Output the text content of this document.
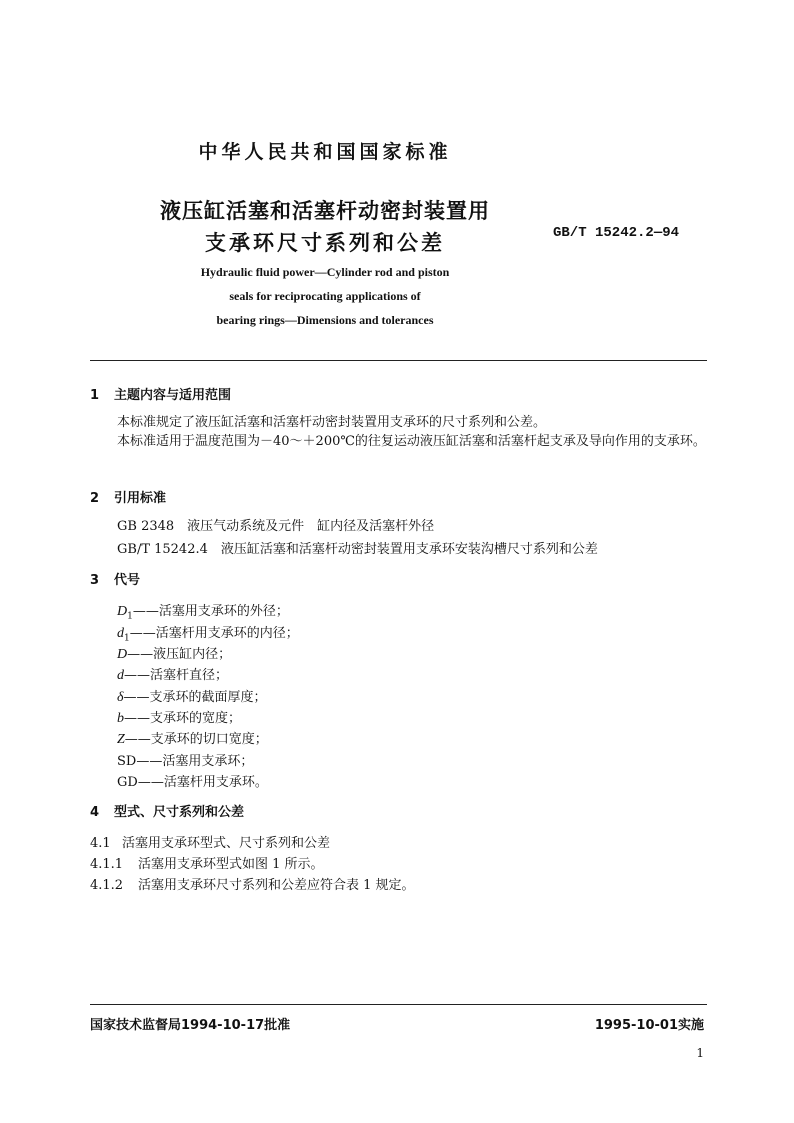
中华人民共和国国家标准
液压缸活塞和活塞杆动密封装置用
支承环尺寸系列和公差	GB/T 15242.2—94
Hydraulic fluid power—Cylinder rod and piston
seals for reciprocating applications of
bearing rings—Dimensions and tolerances
1 主题内容与适用范围
本标准规定了液压缸活塞和活塞杆动密封装置用支承环的尺寸系列和公差。
本标准适用于温度范围为－40～＋200℃的往复运动液压缸活塞和活塞杆起支承及导向作用的支承环。
2 引用标准
GB 2348　液压气动系统及元件　缸内径及活塞杆外径
GB/T 15242.4　液压缸活塞和活塞杆动密封装置用支承环安装沟槽尺寸系列和公差
3 代号
$D_1——$活塞用支承环的外径；
$d_1——$活塞杆用支承环的内径；
D——液压缸内径；
d——活塞杆直径；
δ——支承环的截面厚度；
b——支承环的宽度；
Z——支承环的切口宽度；
SD——活塞用支承环；
GD——活塞杆用支承环。
4 型式、尺寸系列和公差
4.1 活塞用支承环型式、尺寸系列和公差
4.1.1 活塞用支承环型式如图 1 所示。
4.1.2 活塞用支承环尺寸系列和公差应符合表 1 规定。
国家技术监督局1994-10-17批准	1995-10-01实施
1
